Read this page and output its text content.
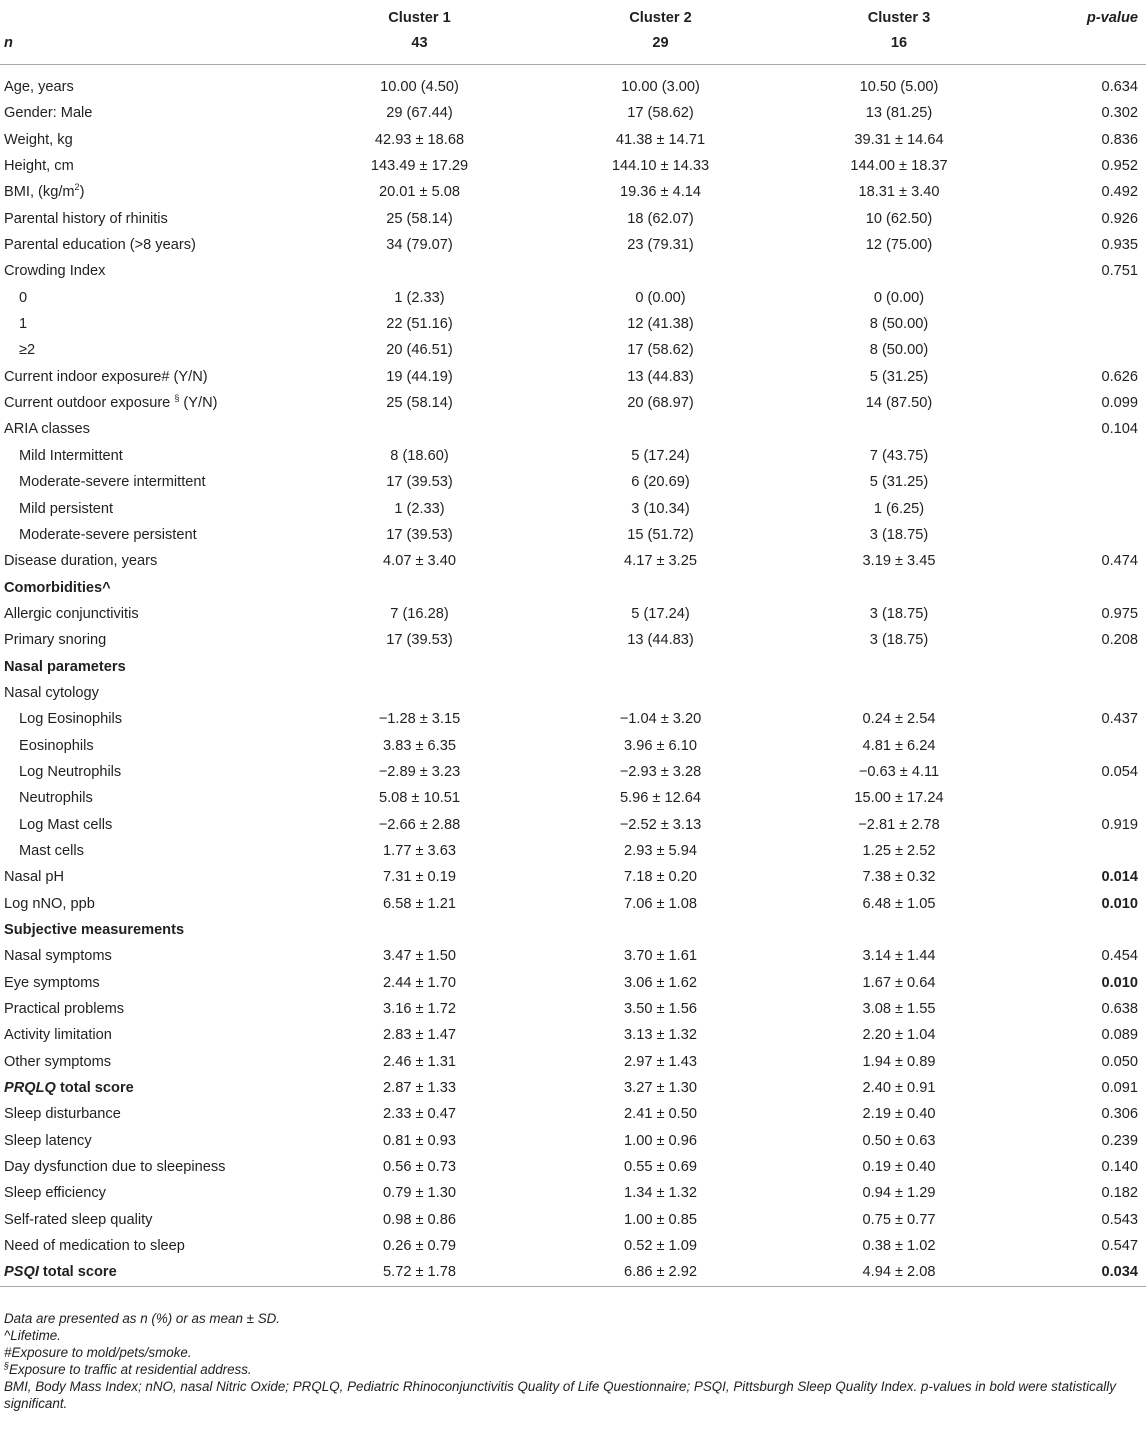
	Cluster 1	Cluster 2	Cluster 3	p-value
n	43	29	16	
Age, years	10.00 (4.50)	10.00 (3.00)	10.50 (5.00)	0.634
Gender: Male	29 (67.44)	17 (58.62)	13 (81.25)	0.302
Weight, kg	42.93 ± 18.68	41.38 ± 14.71	39.31 ± 14.64	0.836
Height, cm	143.49 ± 17.29	144.10 ± 14.33	144.00 ± 18.37	0.952
BMI, $(kg/m^2)$	20.01 ± 5.08	19.36 ± 4.14	18.31 ± 3.40	0.492
Parental history of rhinitis	25 (58.14)	18 (62.07)	10 (62.50)	0.926
Parental education (>8 years)	34 (79.07)	23 (79.31)	12 (75.00)	0.935
Crowding Index				0.751
0	1 (2.33)	0 (0.00)	0 (0.00)	
1	22 (51.16)	12 (41.38)	8 (50.00)	
≥2	20 (46.51)	17 (58.62)	8 (50.00)	
Current indoor exposure# (Y/N)	19 (44.19)	13 (44.83)	5 (31.25)	0.626
Current outdoor exposure § (Y/N)	25 (58.14)	20 (68.97)	14 (87.50)	0.099
ARIA classes				0.104
Mild Intermittent	8 (18.60)	5 (17.24)	7 (43.75)	
Moderate-severe intermittent	17 (39.53)	6 (20.69)	5 (31.25)	
Mild persistent	1 (2.33)	3 (10.34)	1 (6.25)	
Moderate-severe persistent	17 (39.53)	15 (51.72)	3 (18.75)	
Disease duration, years	4.07 ± 3.40	4.17 ± 3.25	3.19 ± 3.45	0.474
Comorbidities^				
Allergic conjunctivitis	7 (16.28)	5 (17.24)	3 (18.75)	0.975
Primary snoring	17 (39.53)	13 (44.83)	3 (18.75)	0.208
Nasal parameters				
Nasal cytology				
Log Eosinophils	−1.28 ± 3.15	−1.04 ± 3.20	0.24 ± 2.54	0.437
Eosinophils	3.83 ± 6.35	3.96 ± 6.10	4.81 ± 6.24	
Log Neutrophils	−2.89 ± 3.23	−2.93 ± 3.28	−0.63 ± 4.11	0.054
Neutrophils	5.08 ± 10.51	5.96 ± 12.64	15.00 ± 17.24	
Log Mast cells	−2.66 ± 2.88	−2.52 ± 3.13	−2.81 ± 2.78	0.919
Mast cells	1.77 ± 3.63	2.93 ± 5.94	1.25 ± 2.52	
Nasal pH	7.31 ± 0.19	7.18 ± 0.20	7.38 ± 0.32	0.014
Log nNO, ppb	6.58 ± 1.21	7.06 ± 1.08	6.48 ± 1.05	0.010
Subjective measurements				
Nasal symptoms	3.47 ± 1.50	3.70 ± 1.61	3.14 ± 1.44	0.454
Eye symptoms	2.44 ± 1.70	3.06 ± 1.62	1.67 ± 0.64	0.010
Practical problems	3.16 ± 1.72	3.50 ± 1.56	3.08 ± 1.55	0.638
Activity limitation	2.83 ± 1.47	3.13 ± 1.32	2.20 ± 1.04	0.089
Other symptoms	2.46 ± 1.31	2.97 ± 1.43	1.94 ± 0.89	0.050
PRQLQ total score	2.87 ± 1.33	3.27 ± 1.30	2.40 ± 0.91	0.091
Sleep disturbance	2.33 ± 0.47	2.41 ± 0.50	2.19 ± 0.40	0.306
Sleep latency	0.81 ± 0.93	1.00 ± 0.96	0.50 ± 0.63	0.239
Day dysfunction due to sleepiness	0.56 ± 0.73	0.55 ± 0.69	0.19 ± 0.40	0.140
Sleep efficiency	0.79 ± 1.30	1.34 ± 1.32	0.94 ± 1.29	0.182
Self-rated sleep quality	0.98 ± 0.86	1.00 ± 0.85	0.75 ± 0.77	0.543
Need of medication to sleep	0.26 ± 0.79	0.52 ± 1.09	0.38 ± 1.02	0.547
PSQI total score	5.72 ± 1.78	6.86 ± 2.92	4.94 ± 2.08	0.034
Data are presented as n (%) or as mean ± SD.
^Lifetime.
#Exposure to mold/pets/smoke.
§Exposure to traffic at residential address.
BMI, Body Mass Index; nNO, nasal Nitric Oxide; PRQLQ, Pediatric Rhinoconjunctivitis Quality of Life Questionnaire; PSQI, Pittsburgh Sleep Quality Index. p-values in bold were statistically significant.
